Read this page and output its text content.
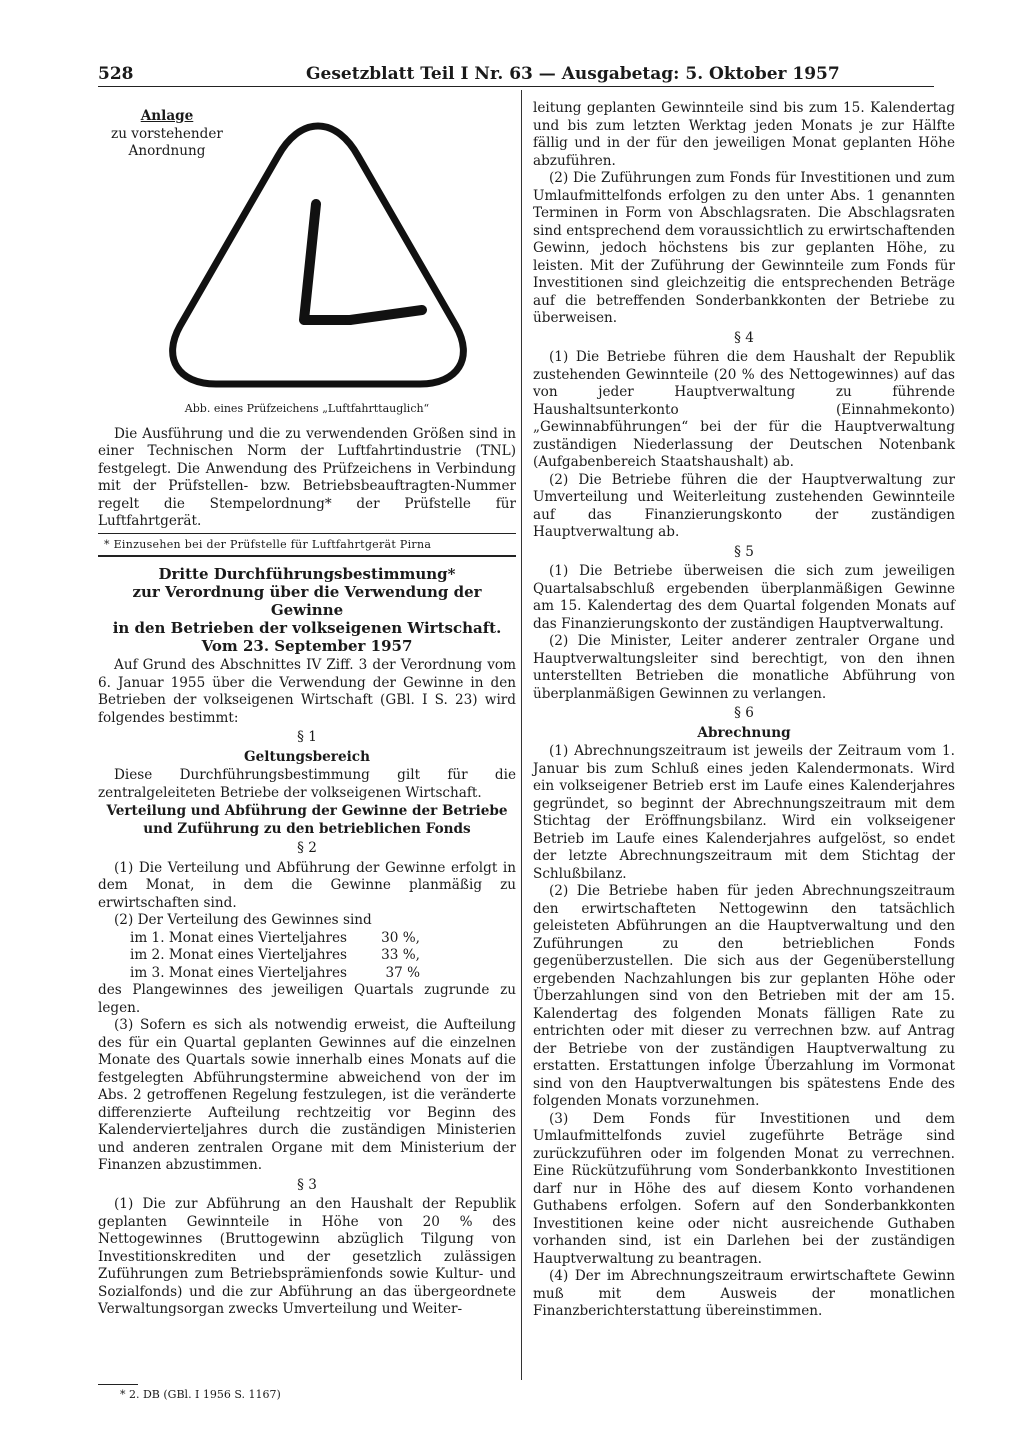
528	Gesetzblatt Teil I Nr. 63 — Ausgabetag: 5. Oktober 1957
Anlage
zu vorstehender
Anordnung
Abb. eines Prüfzeichens „Luftfahrttauglich“

Die Ausführung und die zu verwendenden Größen sind in einer Technischen Norm der Luftfahrtindustrie (TNL) festgelegt. Die Anwendung des Prüfzeichens in Verbindung mit der Prüfstellen- bzw. Betriebsbeauftragten-Nummer regelt die Stempelordnung* der Prüfstelle für Luftfahrtgerät.

* Einzusehen bei der Prüfstelle für Luftfahrtgerät Pirna
Dritte Durchführungsbestimmung*
zur Verordnung über die Verwendung der Gewinne
in den Betrieben der volkseigenen Wirtschaft.
Vom 23. September 1957

Auf Grund des Abschnittes IV Ziff. 3 der Verordnung vom 6. Januar 1955 über die Verwendung der Gewinne in den Betrieben der volkseigenen Wirtschaft (GBl. I S. 23) wird folgendes bestimmt:

§ 1
Geltungsbereich

Diese Durchführungsbestimmung gilt für die zentralgeleiteten Betriebe der volkseigenen Wirtschaft.

Verteilung und Abführung der Gewinne der Betriebe und Zuführung zu den betrieblichen Fonds
§ 2

(1) Die Verteilung und Abführung der Gewinne erfolgt in dem Monat, in dem die Gewinne planmäßig zu erwirtschaften sind.

(2) Der Verteilung des Gewinnes sind

im 1. Monat eines Vierteljahres	30 %,
im 2. Monat eines Vierteljahres	33 %,
im 3. Monat eines Vierteljahres	37 %

des Plangewinnes des jeweiligen Quartals zugrunde zu legen.

(3) Sofern es sich als notwendig erweist, die Aufteilung des für ein Quartal geplanten Gewinnes auf die einzelnen Monate des Quartals sowie innerhalb eines Monats auf die festgelegten Abführungstermine abweichend von der im Abs. 2 getroffenen Regelung festzulegen, ist die veränderte differenzierte Aufteilung rechtzeitig vor Beginn des Kalendervierteljahres durch die zuständigen Ministerien und anderen zentralen Organe mit dem Ministerium der Finanzen abzustimmen.

§ 3

(1) Die zur Abführung an den Haushalt der Republik geplanten Gewinnteile in Höhe von 20 % des Nettogewinnes (Bruttogewinn abzüglich Tilgung von Investitionskrediten und der gesetzlich zulässigen Zuführungen zum Betriebsprämienfonds sowie Kultur- und Sozialfonds) und die zur Abführung an das übergeordnete Verwaltungsorgan zwecks Umverteilung und Weiter-

* 2. DB (GBl. I 1956 S. 1167)

leitung geplanten Gewinnteile sind bis zum 15. Kalendertag und bis zum letzten Werktag jeden Monats je zur Hälfte fällig und in der für den jeweiligen Monat geplanten Höhe abzuführen.

(2) Die Zuführungen zum Fonds für Investitionen und zum Umlaufmittelfonds erfolgen zu den unter Abs. 1 genannten Terminen in Form von Abschlagsraten. Die Abschlagsraten sind entsprechend dem voraussichtlich zu erwirtschaftenden Gewinn, jedoch höchstens bis zur geplanten Höhe, zu leisten. Mit der Zuführung der Gewinnteile zum Fonds für Investitionen sind gleichzeitig die entsprechenden Beträge auf die betreffenden Sonderbankkonten der Betriebe zu überweisen.

§ 4

(1) Die Betriebe führen die dem Haushalt der Republik zustehenden Gewinnteile (20 % des Nettogewinnes) auf das von jeder Hauptverwaltung zu führende Haushaltsunterkonto (Einnahmekonto) „Gewinnabführungen“ bei der für die Hauptverwaltung zuständigen Niederlassung der Deutschen Notenbank (Aufgabenbereich Staatshaushalt) ab.

(2) Die Betriebe führen die der Hauptverwaltung zur Umverteilung und Weiterleitung zustehenden Gewinnteile auf das Finanzierungskonto der zuständigen Hauptverwaltung ab.

§ 5

(1) Die Betriebe überweisen die sich zum jeweiligen Quartalsabschluß ergebenden überplanmäßigen Gewinne am 15. Kalendertag des dem Quartal folgenden Monats auf das Finanzierungskonto der zuständigen Hauptverwaltung.

(2) Die Minister, Leiter anderer zentraler Organe und Hauptverwaltungsleiter sind berechtigt, von den ihnen unterstellten Betrieben die monatliche Abführung von überplanmäßigen Gewinnen zu verlangen.

§ 6
Abrechnung

(1) Abrechnungszeitraum ist jeweils der Zeitraum vom 1. Januar bis zum Schluß eines jeden Kalendermonats. Wird ein volkseigener Betrieb erst im Laufe eines Kalenderjahres gegründet, so beginnt der Abrechnungszeitraum mit dem Stichtag der Eröffnungsbilanz. Wird ein volkseigener Betrieb im Laufe eines Kalenderjahres aufgelöst, so endet der letzte Abrechnungszeitraum mit dem Stichtag der Schlußbilanz.

(2) Die Betriebe haben für jeden Abrechnungszeitraum den erwirtschafteten Nettogewinn den tatsächlich geleisteten Abführungen an die Hauptverwaltung und den Zuführungen zu den betrieblichen Fonds gegenüberzustellen. Die sich aus der Gegenüberstellung ergebenden Nachzahlungen bis zur geplanten Höhe oder Überzahlungen sind von den Betrieben mit der am 15. Kalendertag des folgenden Monats fälligen Rate zu entrichten oder mit dieser zu verrechnen bzw. auf Antrag der Betriebe von der zuständigen Hauptverwaltung zu erstatten. Erstattungen infolge Überzahlung im Vormonat sind von den Hauptverwaltungen bis spätestens Ende des folgenden Monats vorzunehmen.

(3) Dem Fonds für Investitionen und dem Umlaufmittelfonds zuviel zugeführte Beträge sind zurückzuführen oder im folgenden Monat zu verrechnen. Eine Rückützuführung vom Sonderbankkonto Investitionen darf nur in Höhe des auf diesem Konto vorhandenen Guthabens erfolgen. Sofern auf den Sonderbankkonten Investitionen keine oder nicht ausreichende Guthaben vorhanden sind, ist ein Darlehen bei der zuständigen Hauptverwaltung zu beantragen.

(4) Der im Abrechnungszeitraum erwirtschaftete Gewinn muß mit dem Ausweis der monatlichen Finanzberichterstattung übereinstimmen.
